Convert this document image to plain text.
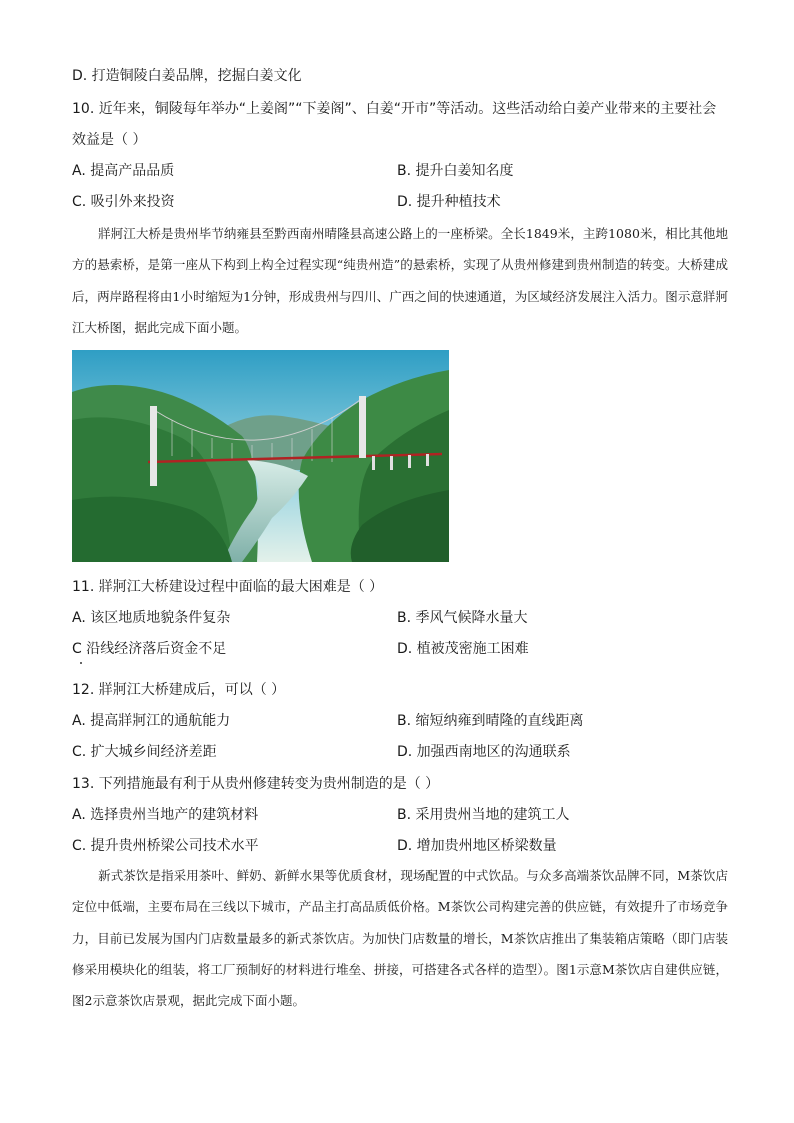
D. 打造铜陵白姜品牌，挖掘白姜文化
10. 近年来，铜陵每年举办“上姜阁”“下姜阁”、白姜“开市”等活动。这些活动给白姜产业带来的主要社会
效益是（ ）
A. 提高产品品质	B. 提升白姜知名度
C. 吸引外来投资	D. 提升种植技术
牂牁江大桥是贵州毕节纳雍县至黔西南州晴隆县高速公路上的一座桥梁。全长1849米，主跨1080米，相比其他地方的悬索桥，是第一座从下构到上构全过程实现“纯贵州造”的悬索桥，实现了从贵州修建到贵州制造的转变。大桥建成后，两岸路程将由1小时缩短为1分钟，形成贵州与四川、广西之间的快速通道，为区域经济发展注入活力。图示意牂牁江大桥图，据此完成下面小题。
11. 牂牁江大桥建设过程中面临的最大困难是（ ）
A. 该区地质地貌条件复杂	B. 季风气候降水量大
C 沿线经济落后资金不足	D. 植被茂密施工困难
12. 牂牁江大桥建成后，可以（ ）
A. 提高牂牁江的通航能力	B. 缩短纳雍到晴隆的直线距离
C. 扩大城乡间经济差距	D. 加强西南地区的沟通联系
13. 下列措施最有利于从贵州修建转变为贵州制造的是（ ）
A. 选择贵州当地产的建筑材料	B. 采用贵州当地的建筑工人
C. 提升贵州桥梁公司技术水平	D. 增加贵州地区桥梁数量
新式茶饮是指采用茶叶、鲜奶、新鲜水果等优质食材，现场配置的中式饮品。与众多高端茶饮品牌不同，M茶饮店定位中低端，主要布局在三线以下城市，产品主打高品质低价格。M茶饮公司构建完善的供应链，有效提升了市场竞争力，目前已发展为国内门店数量最多的新式茶饮店。为加快门店数量的增长，M茶饮店推出了集装箱店策略（即门店装修采用模块化的组装，将工厂预制好的材料进行堆垒、拼接，可搭建各式各样的造型）。图1示意M茶饮店自建供应链，图2示意茶饮店景观，据此完成下面小题。
